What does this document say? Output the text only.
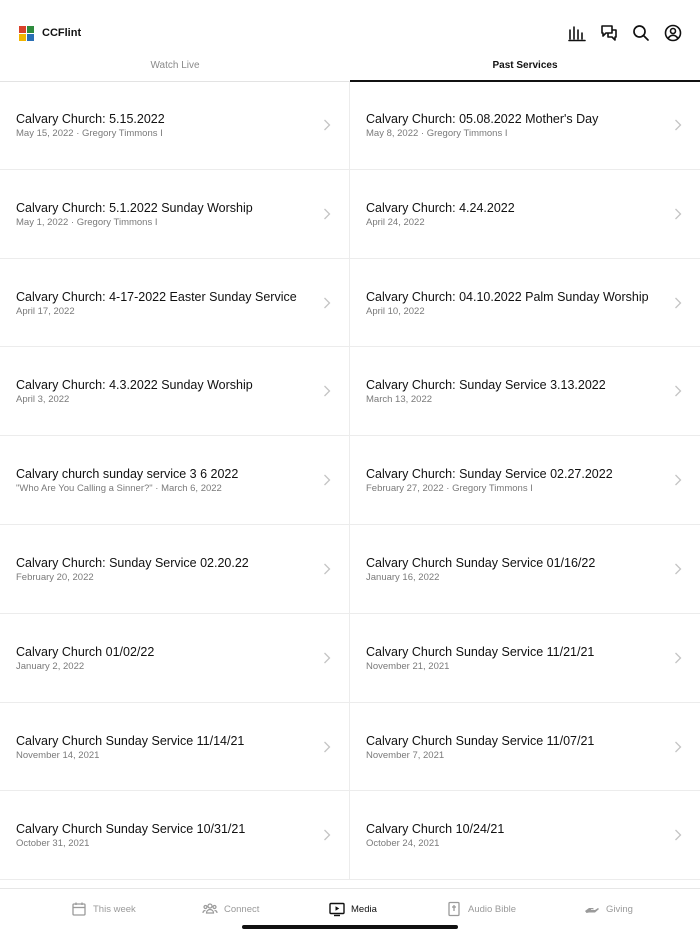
CCFlint
Watch Live	Past Services
Calvary Church: 5.15.2022
May 15, 2022 · Gregory Timmons I
Calvary Church: 05.08.2022 Mother's Day
May 8, 2022 · Gregory Timmons I
Calvary Church: 5.1.2022 Sunday Worship
May 1, 2022 · Gregory Timmons I
Calvary Church: 4.24.2022
April 24, 2022
Calvary Church: 4-17-2022 Easter Sunday Service
April 17, 2022
Calvary Church: 04.10.2022 Palm Sunday Worship
April 10, 2022
Calvary Church: 4.3.2022 Sunday Worship
April 3, 2022
Calvary Church: Sunday Service 3.13.2022
March 13, 2022
Calvary church sunday service 3 6 2022
"Who Are You Calling a Sinner?" · March 6, 2022
Calvary Church: Sunday Service 02.27.2022
February 27, 2022 · Gregory Timmons I
Calvary Church: Sunday Service 02.20.22
February 20, 2022
Calvary Church Sunday Service 01/16/22
January 16, 2022
Calvary Church 01/02/22
January 2, 2022
Calvary Church Sunday Service 11/21/21
November 21, 2021
Calvary Church Sunday Service 11/14/21
November 14, 2021
Calvary Church Sunday Service 11/07/21
November 7, 2021
Calvary Church Sunday Service 10/31/21
October 31, 2021
Calvary Church 10/24/21
October 24, 2021
This week	Connect	Media	Audio Bible	Giving
